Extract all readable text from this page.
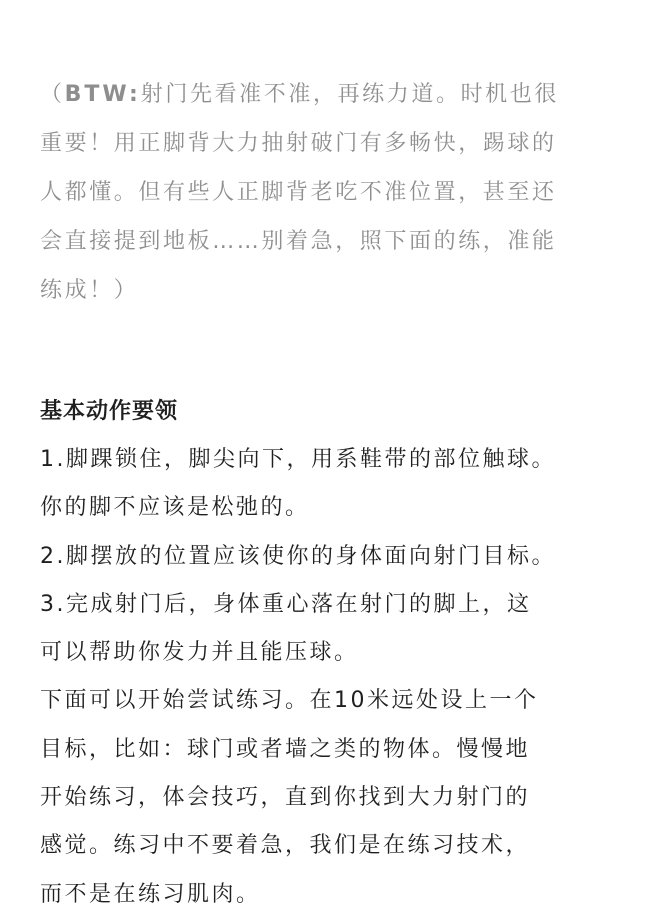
（BTW:射门先看准不准，再练力道。时机也很
重要！用正脚背大力抽射破门有多畅快，踢球的
人都懂。但有些人正脚背老吃不准位置，甚至还
会直接提到地板……别着急，照下面的练，准能
练成！）
基本动作要领
1.脚踝锁住，脚尖向下，用系鞋带的部位触球。
你的脚不应该是松弛的。
2.脚摆放的位置应该使你的身体面向射门目标。
3.完成射门后，身体重心落在射门的脚上，这
可以帮助你发力并且能压球。
下面可以开始尝试练习。在10米远处设上一个
目标，比如：球门或者墙之类的物体。慢慢地
开始练习，体会技巧，直到你找到大力射门的
感觉。练习中不要着急，我们是在练习技术，
而不是在练习肌肉。
